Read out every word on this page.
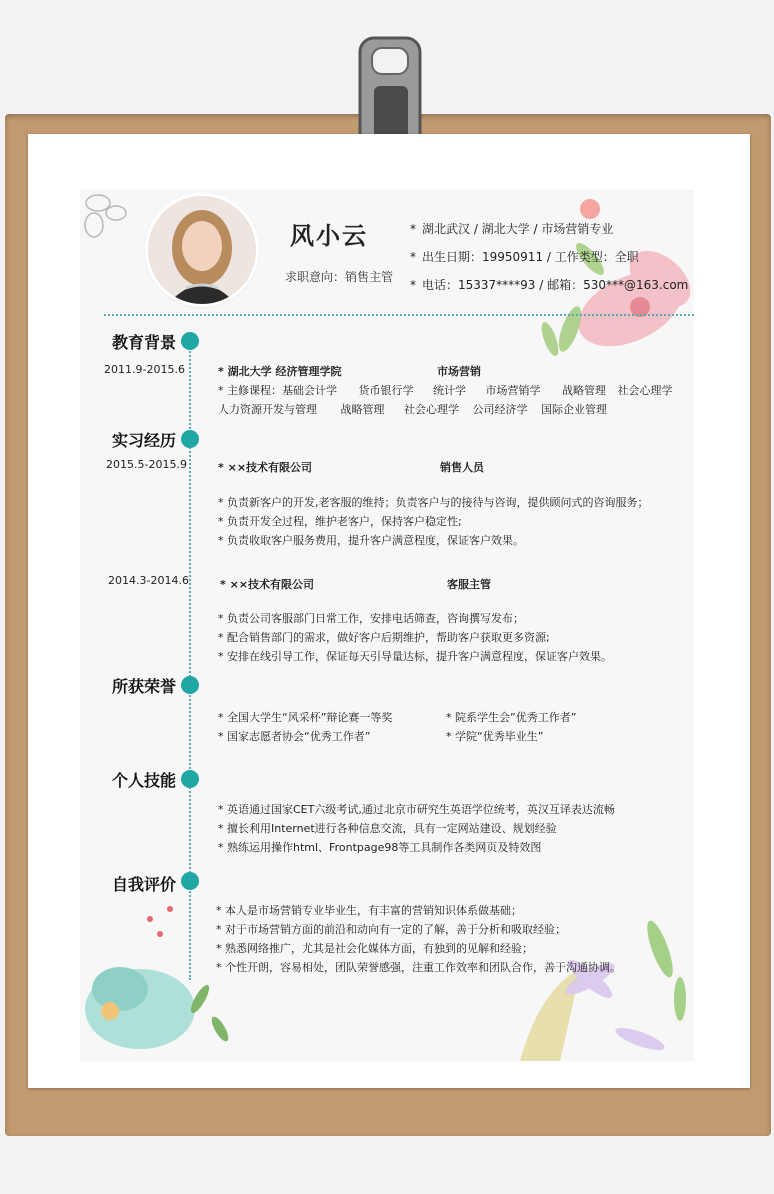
风小云
求职意向：销售主管
* 湖北武汉 / 湖北大学 / 市场营销专业
* 出生日期：19950911 / 工作类型：全职
* 电话：15337****93 / 邮箱：530***@163.com
教育背景
2011.9-2015.6	* 湖北大学 经济管理学院	市场营销
* 主修课程：基础会计学 货币银行学 统计学 市场营销学 战略管理 社会心理学
人力资源开发与管理 战略管理 社会心理学 公司经济学 国际企业管理
实习经历
2015.5-2015.9	* ××技术有限公司	销售人员
* 负责新客户的开发,老客服的维持；负责客户与的接待与咨询，提供顾问式的咨询服务；
* 负责开发全过程，维护老客户，保持客户稳定性;
* 负责收取客户服务费用，提升客户满意程度，保证客户效果。
2014.3-2014.6	* ××技术有限公司	客服主管
* 负责公司客服部门日常工作，安排电话筛查，咨询撰写发布；
* 配合销售部门的需求，做好客户后期维护，帮助客户获取更多资源;
* 安排在线引导工作，保证每天引导量达标，提升客户满意程度，保证客户效果。
所获荣誉
* 全国大学生“风采杯”辩论赛一等奖	* 院系学生会”优秀工作者”
* 国家志愿者协会“优秀工作者”	* 学院“优秀毕业生”
个人技能
* 英语通过国家CET六级考试,通过北京市研究生英语学位统考，英汉互译表达流畅
* 擅长利用Internet进行各种信息交流，具有一定网站建设、规划经验
* 熟练运用操作html、Frontpage98等工具制作各类网页及特效图
自我评价
* 本人是市场营销专业毕业生，有丰富的营销知识体系做基础；
* 对于市场营销方面的前沿和动向有一定的了解，善于分析和吸取经验；
* 熟悉网络推广，尤其是社会化媒体方面，有独到的见解和经验；
* 个性开朗，容易相处，团队荣誉感强，注重工作效率和团队合作，善于沟通协调。
